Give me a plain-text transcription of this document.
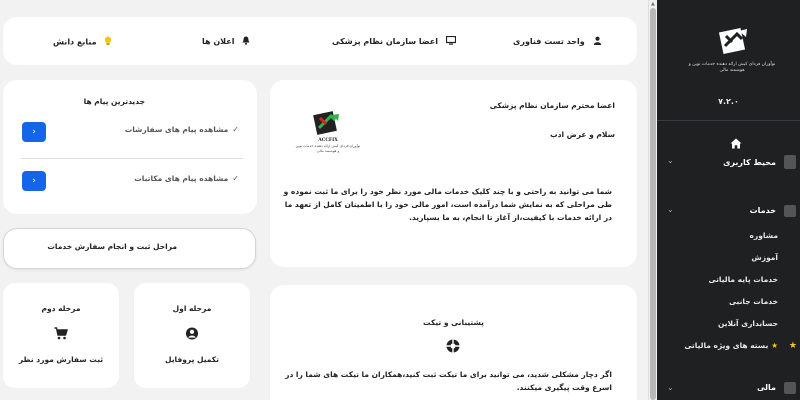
واحد تست فناوری
اعضا سازمان نظام پزشکی
اعلان ها
منابع دانش
جدیدترین پیام ها
مشاهده پیام های سفارشات ✓
›
مشاهده پیام های مکاتبات ✓
›
مراحل ثبت و انجام سفارش خدمات
مرحله اول
تکمیل پروفایل
مرحله دوم
ثبت سفارش مورد نظر
اعضا محترم سازمان نظام پزشکی
سلام و عرض ادب
ACCFIX
نوآوران فردای کیش ارائه دهنده خدمات نوین و هوشمند مالی
شما می توانید به راحتی و با چند کلیک خدمات مالی مورد نظر خود را برای ما ثبت نموده و طی مراحلی که به نمایش شما درآمده است، امور مالی خود را با اطمینان کامل از تعهد ما در ارائه خدمات با کیفیت،از آغاز تا انجام، به ما بسپارید.
پشتیبانی و تیکت
اگر دچار مشکلی شدید، می توانید برای ما تیکت ثبت کنید،همکاران ما تیکت های شما را در اسرع وقت پیگیری میکنند.
▲
نوآوران فردای کیش ارائه دهنده خدمات نوین و هوشمند مالی
۷.۲.۰
⌄	محیط کاربری
⌄	خدمات
مشاوره
آموزش
خدمات پایه مالیاتی
خدمات جانبی
حسابداری آنلاین
بسته های ویژه مالیاتی ★ ★
⌄	مالی
